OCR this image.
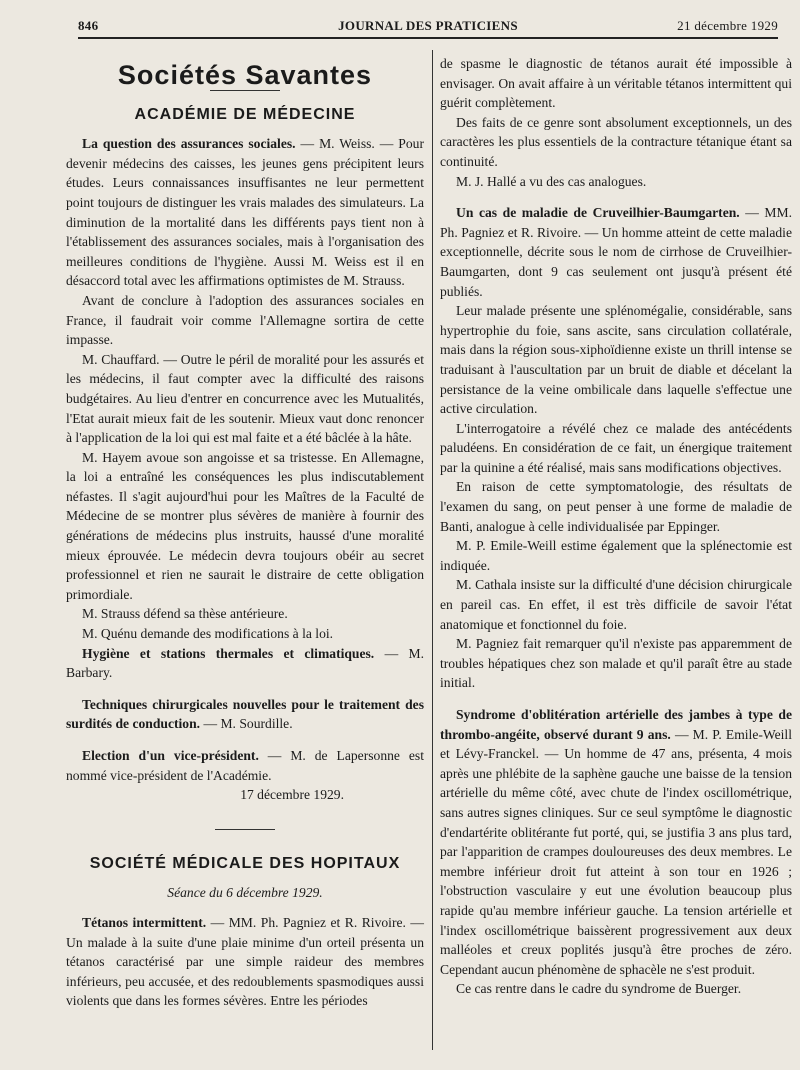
846	JOURNAL DES PRATICIENS	21 décembre 1929
Sociétés Savantes
ACADÉMIE DE MÉDECINE

La question des assurances sociales. — M. Weiss. — Pour devenir médecins des caisses, les jeunes gens précipitent leurs études. Leurs connaissances insuffisantes ne leur permettent point toujours de distinguer les vrais malades des simulateurs. La diminution de la mortalité dans les différents pays tient non à l'établissement des assurances sociales, mais à l'organisation des meilleures conditions de l'hygiène. Aussi M. Weiss est il en désaccord total avec les affirmations optimistes de M. Strauss.

Avant de conclure à l'adoption des assurances sociales en France, il faudrait voir comme l'Allemagne sortira de cette impasse.

M. Chauffard. — Outre le péril de moralité pour les assurés et les médecins, il faut compter avec la difficulté des raisons budgétaires. Au lieu d'entrer en concurrence avec les Mutualités, l'Etat aurait mieux fait de les soutenir. Mieux vaut donc renoncer à l'application de la loi qui est mal faite et a été bâclée à la hâte.

M. Hayem avoue son angoisse et sa tristesse. En Allemagne, la loi a entraîné les conséquences les plus indiscutablement néfastes. Il s'agit aujourd'hui pour les Maîtres de la Faculté de Médecine de se montrer plus sévères de manière à fournir des générations de médecins plus instruits, haussé d'une moralité mieux éprouvée. Le médecin devra toujours obéir au secret professionnel et rien ne saurait le distraire de cette obligation primordiale.

M. Strauss défend sa thèse antérieure.

M. Quénu demande des modifications à la loi.

Hygiène et stations thermales et climatiques. — M. Barbary.

Techniques chirurgicales nouvelles pour le traitement des surdités de conduction. — M. Sourdille.

Election d'un vice-président. — M. de Lapersonne est nommé vice-président de l'Académie.

17 décembre 1929.

SOCIÉTÉ MÉDICALE DES HOPITAUX
Séance du 6 décembre 1929.

Tétanos intermittent. — MM. Ph. Pagniez et R. Rivoire. — Un malade à la suite d'une plaie minime d'un orteil présenta un tétanos caractérisé par une simple raideur des membres inférieurs, peu accusée, et des redoublements spasmodiques aussi violents que dans les formes sévères. Entre les périodes

de spasme le diagnostic de tétanos aurait été impossible à envisager. On avait affaire à un véritable tétanos intermittent qui guérit complètement.

Des faits de ce genre sont absolument exceptionnels, un des caractères les plus essentiels de la contracture tétanique étant sa continuité.

M. J. Hallé a vu des cas analogues.

Un cas de maladie de Cruveilhier-Baumgarten. — MM. Ph. Pagniez et R. Rivoire. — Un homme atteint de cette maladie exceptionnelle, décrite sous le nom de cirrhose de Cruveilhier-Baumgarten, dont 9 cas seulement ont jusqu'à présent été publiés.

Leur malade présente une splénomégalie, considérable, sans hypertrophie du foie, sans ascite, sans circulation collatérale, mais dans la région sous-xiphoïdienne existe un thrill intense se traduisant à l'auscultation par un bruit de diable et décelant la persistance de la veine ombilicale dans laquelle s'effectue une active circulation.

L'interrogatoire a révélé chez ce malade des antécédents paludéens. En considération de ce fait, un énergique traitement par la quinine a été réalisé, mais sans modifications objectives.

En raison de cette symptomatologie, des résultats de l'examen du sang, on peut penser à une forme de maladie de Banti, analogue à celle individualisée par Eppinger.

M. P. Emile-Weill estime également que la splénectomie est indiquée.

M. Cathala insiste sur la difficulté d'une décision chirurgicale en pareil cas. En effet, il est très difficile de savoir l'état anatomique et fonctionnel du foie.

M. Pagniez fait remarquer qu'il n'existe pas apparemment de troubles hépatiques chez son malade et qu'il paraît être au stade initial.

Syndrome d'oblitération artérielle des jambes à type de thrombo-angéite, observé durant 9 ans. — M. P. Emile-Weill et Lévy-Franckel. — Un homme de 47 ans, présenta, 4 mois après une phlébite de la saphène gauche une baisse de la tension artérielle du même côté, avec chute de l'index oscillométrique, sans autres signes cliniques. Sur ce seul symptôme le diagnostic d'endartérite oblitérante fut porté, qui, se justifia 3 ans plus tard, par l'apparition de crampes douloureuses des deux membres. Le membre inférieur droit fut atteint à son tour en 1926 ; l'obstruction vasculaire y eut une évolution beaucoup plus rapide qu'au membre inférieur gauche. La tension artérielle et l'index oscillométrique baissèrent progressivement aux deux malléoles et creux poplités jusqu'à être proches de zéro. Cependant aucun phénomène de sphacèle ne s'est produit.

Ce cas rentre dans le cadre du syndrome de Buerger.
